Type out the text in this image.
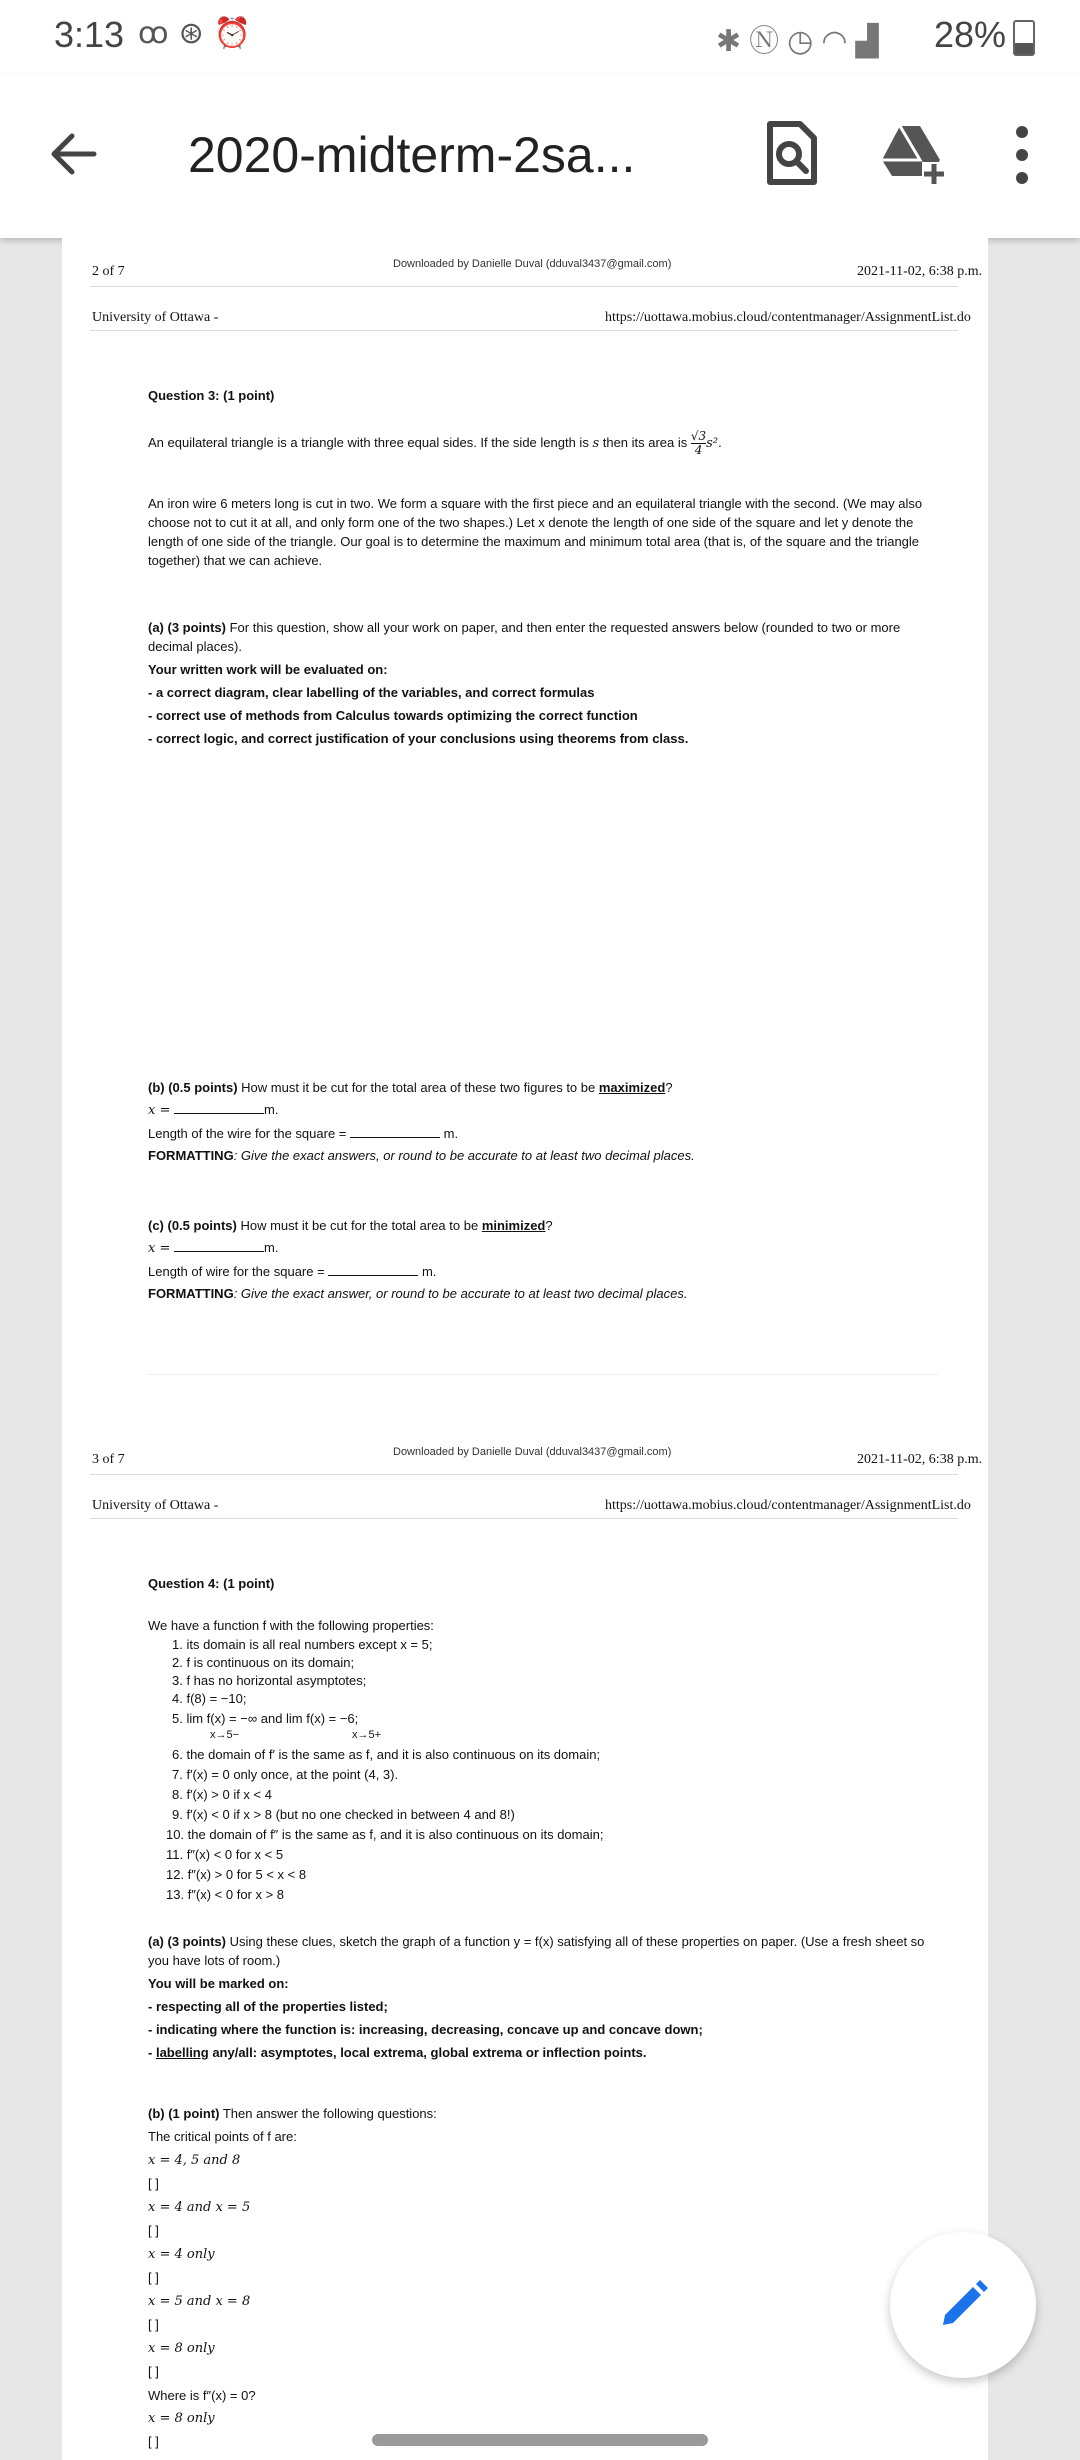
3:13 ꝏ⊛⏰	✱Ⓝ◷◠▟ 28%
2020-midterm-2sa...
2 of 7	Downloaded by Danielle Duval (dduval3437@gmail.com)	2021-11-02, 6:38 p.m.
University of Ottawa -	https://uottawa.mobius.cloud/contentmanager/AssignmentList.do
Question 3: (1 point)
An equilateral triangle is a triangle with three equal sides. If the side length is s then its area is $\frac{√3}{4} s^2$.
An iron wire 6 meters long is cut in two. We form a square with the first piece and an equilateral triangle with the second. (We may also choose not to cut it at all, and only form one of the two shapes.) Let x denote the length of one side of the square and let y denote the length of one side of the triangle. Our goal is to determine the maximum and minimum total area (that is, of the square and the triangle together) that we can achieve.
(a) (3 points) For this question, show all your work on paper, and then enter the requested answers below (rounded to two or more decimal places).
Your written work will be evaluated on:
- a correct diagram, clear labelling of the variables, and correct formulas
- correct use of methods from Calculus towards optimizing the correct function
- correct logic, and correct justification of your conclusions using theorems from class.
(b) (0.5 points) How must it be cut for the total area of these two figures to be maximized?
x =	m.
Length of the wire for the square =	m.
FORMATTING: Give the exact answers, or round to be accurate to at least two decimal places.
(c) (0.5 points) How must it be cut for the total area to be minimized?
x =	m.
Length of wire for the square =	m.
FORMATTING: Give the exact answer, or round to be accurate to at least two decimal places.
3 of 7	Downloaded by Danielle Duval (dduval3437@gmail.com)	2021-11-02, 6:38 p.m.
University of Ottawa -	https://uottawa.mobius.cloud/contentmanager/AssignmentList.do
Question 4: (1 point)
We have a function f with the following properties:
1. its domain is all real numbers except x = 5;
2. f is continuous on its domain;
3. f has no horizontal asymptotes;
4. f(8) = −10;
5. lim f(x) = −∞ and lim f(x) = −6;
x→5−	x→5+
6. the domain of f′ is the same as f, and it is also continuous on its domain;
7. f′(x) = 0 only once, at the point (4, 3).
8. f′(x) > 0 if x < 4
9. f′(x) < 0 if x > 8 (but no one checked in between 4 and 8!)
10. the domain of f″ is the same as f, and it is also continuous on its domain;
11. f″(x) < 0 for x < 5
12. f″(x) > 0 for 5 < x < 8
13. f″(x) < 0 for x > 8
(a) (3 points) Using these clues, sketch the graph of a function y = f(x) satisfying all of these properties on paper. (Use a fresh sheet so you have lots of room.)
You will be marked on:
- respecting all of the properties listed;
- indicating where the function is: increasing, decreasing, concave up and concave down;
- labelling any/all: asymptotes, local extrema, global extrema or inflection points.
(b) (1 point) Then answer the following questions:
The critical points of f are:
x = 4, 5 and 8
[ ]
x = 4 and x = 5
[ ]
x = 4 only
[ ]
x = 5 and x = 8
[ ]
x = 8 only
[ ]
Where is f″(x) = 0?
x = 8 only
[ ]
